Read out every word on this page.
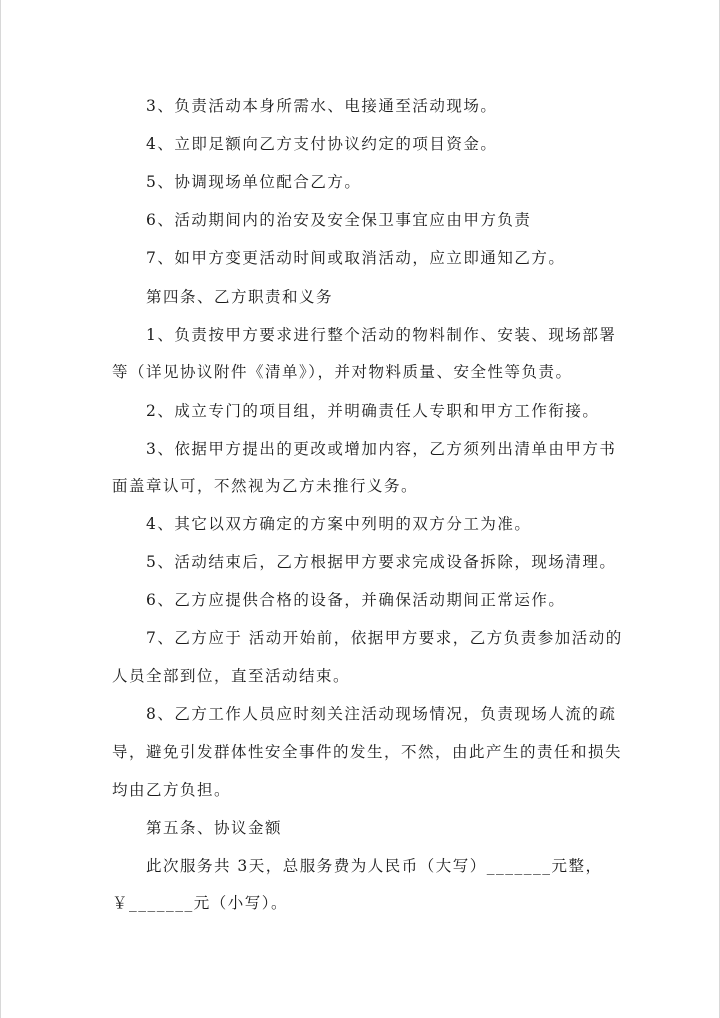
3、负责活动本身所需水、电接通至活动现场。
4、立即足额向乙方支付协议约定的项目资金。
5、协调现场单位配合乙方。
6、活动期间内的治安及安全保卫事宜应由甲方负责
7、如甲方变更活动时间或取消活动，应立即通知乙方。
第四条、乙方职责和义务
1、负责按甲方要求进行整个活动的物料制作、安装、现场部署
等（详见协议附件《清单》），并对物料质量、安全性等负责。
2、成立专门的项目组，并明确责任人专职和甲方工作衔接。
3、依据甲方提出的更改或增加内容，乙方须列出清单由甲方书
面盖章认可，不然视为乙方未推行义务。
4、其它以双方确定的方案中列明的双方分工为准。
5、活动结束后，乙方根据甲方要求完成设备拆除，现场清理。
6、乙方应提供合格的设备，并确保活动期间正常运作。
7、乙方应于 活动开始前，依据甲方要求，乙方负责参加活动的
人员全部到位，直至活动结束。
8、乙方工作人员应时刻关注活动现场情况，负责现场人流的疏
导，避免引发群体性安全事件的发生，不然，由此产生的责任和损失
均由乙方负担。
第五条、协议金额
此次服务共 3天，总服务费为人民币（大写）_______元整，
￥_______元（小写）。
